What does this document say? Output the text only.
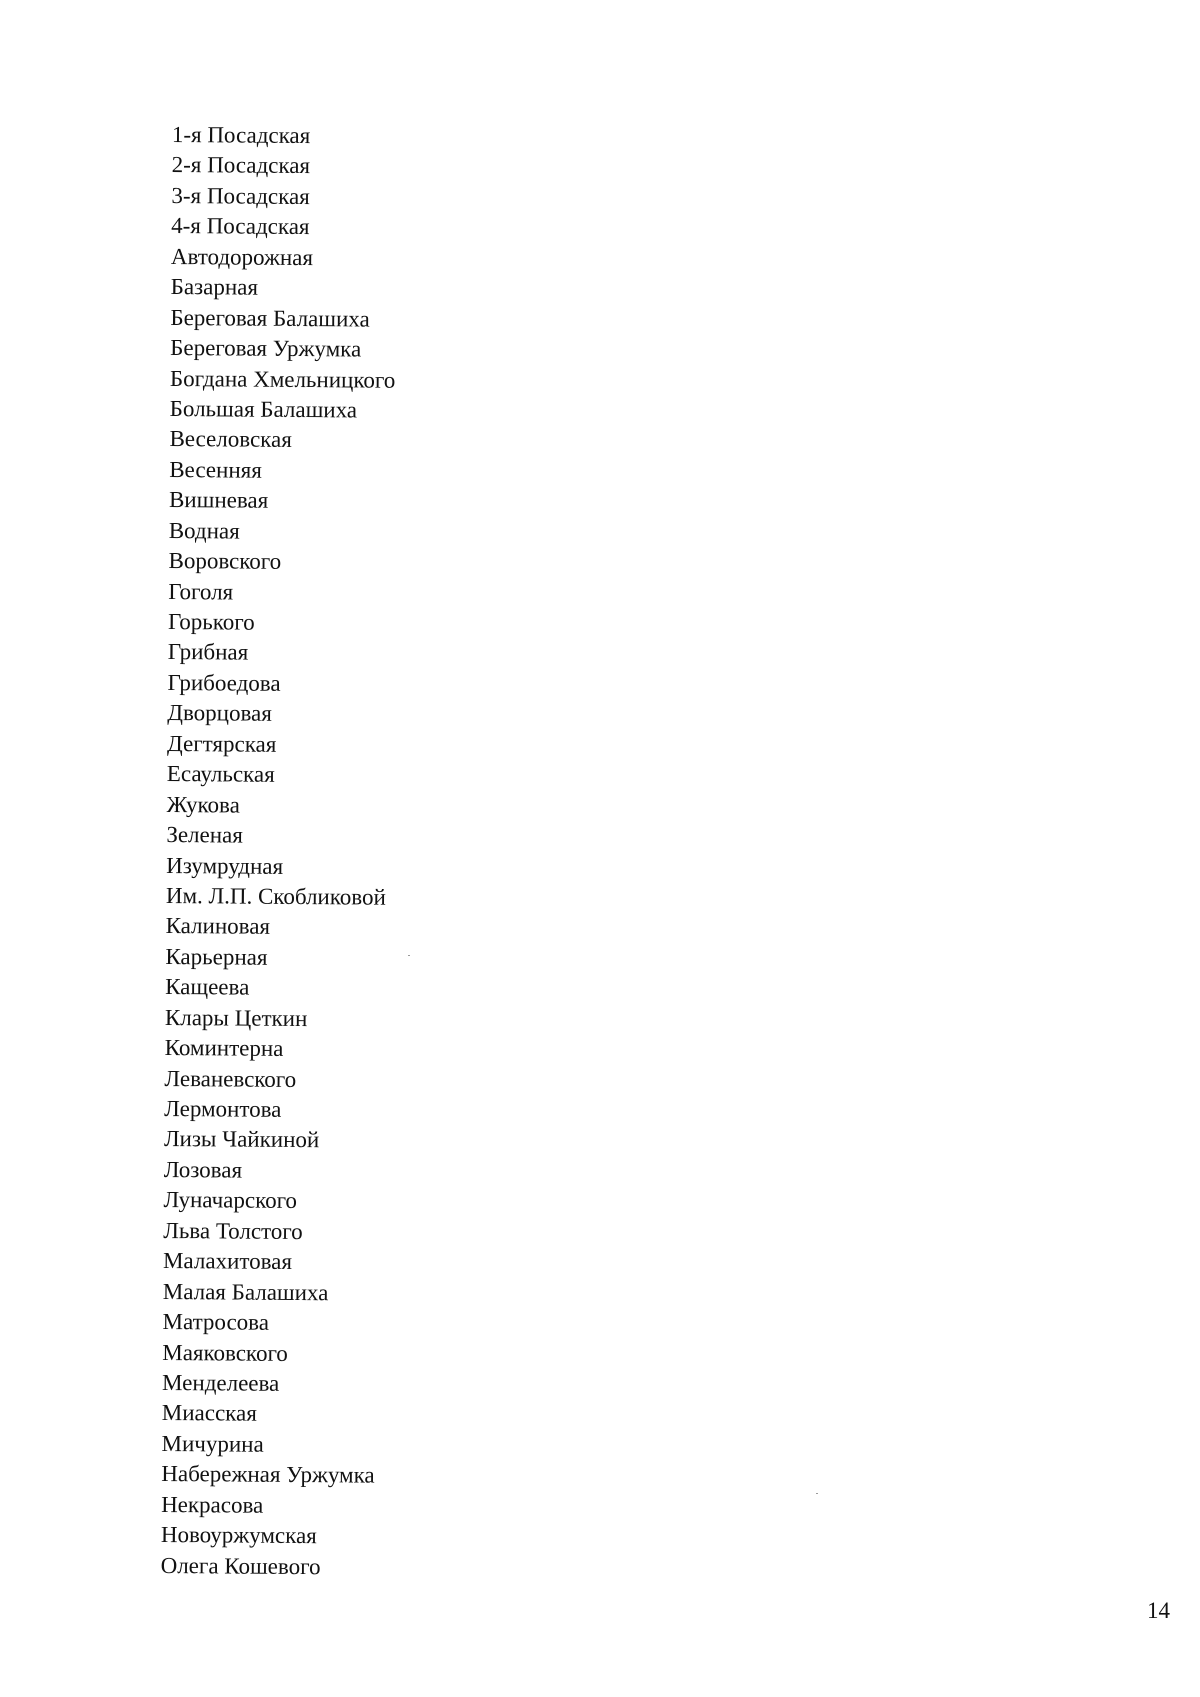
1-я Посадская
2-я Посадская
3-я Посадская
4-я Посадская
Автодорожная
Базарная
Береговая Балашиха
Береговая Уржумка
Богдана Хмельницкого
Большая Балашиха
Веселовская
Весенняя
Вишневая
Водная
Воровского
Гоголя
Горького
Грибная
Грибоедова
Дворцовая
Дегтярская
Есаульская
Жукова
Зеленая
Изумрудная
Им. Л.П. Скобликовой
Калиновая
Карьерная
Кащеева
Клары Цеткин
Коминтерна
Леваневского
Лермонтова
Лизы Чайкиной
Лозовая
Луначарского
Льва Толстого
Малахитовая
Малая Балашиха
Матросова
Маяковского
Менделеева
Миасская
Мичурина
Набережная Уржумка
Некрасова
Новоуржумская
Олега Кошевого
14
